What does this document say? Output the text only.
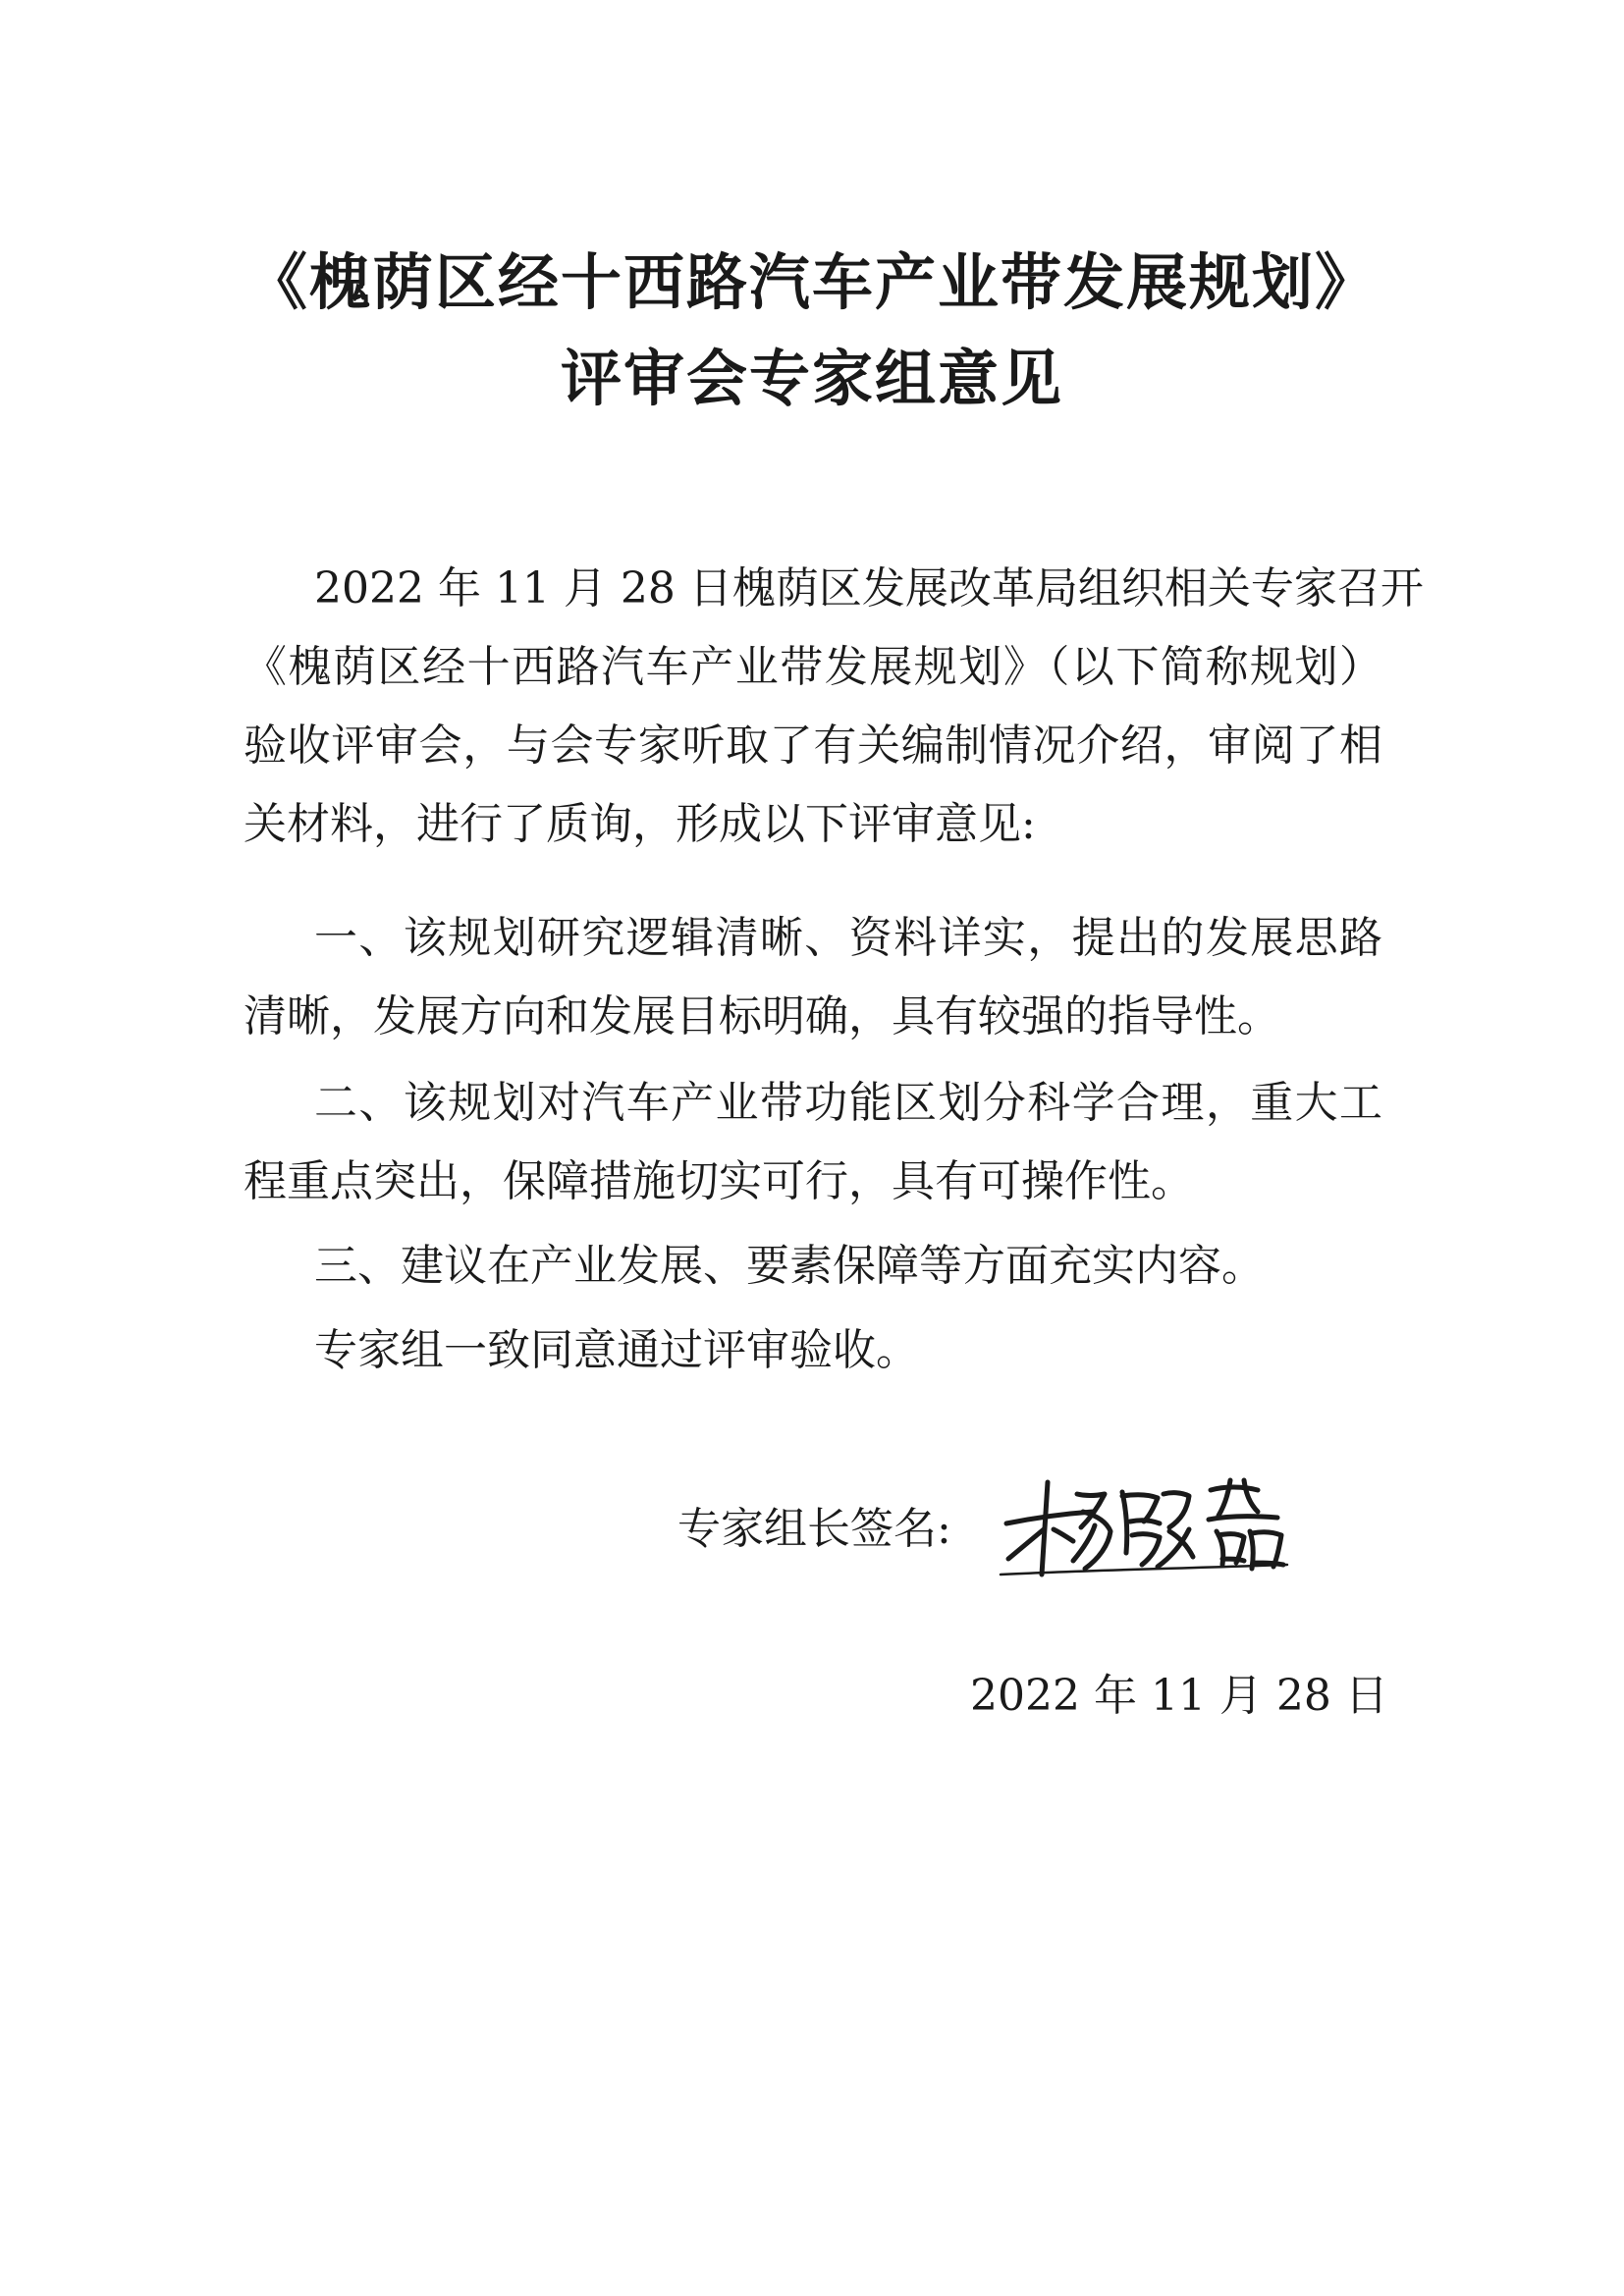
《槐荫区经十西路汽车产业带发展规划》
评审会专家组意见

2022 年 11 月 28 日槐荫区发展改革局组织相关专家召开

《槐荫区经十西路汽车产业带发展规划》（以下简称规划）

验收评审会，与会专家听取了有关编制情况介绍，审阅了相

关材料，进行了质询，形成以下评审意见:

一、该规划研究逻辑清晰、资料详实，提出的发展思路

清晰，发展方向和发展目标明确，具有较强的指导性。

二、该规划对汽车产业带功能区划分科学合理，重大工

程重点突出，保障措施切实可行，具有可操作性。

三、建议在产业发展、要素保障等方面充实内容。

专家组一致同意通过评审验收。

专家组长签名:

2022 年 11 月 28 日
